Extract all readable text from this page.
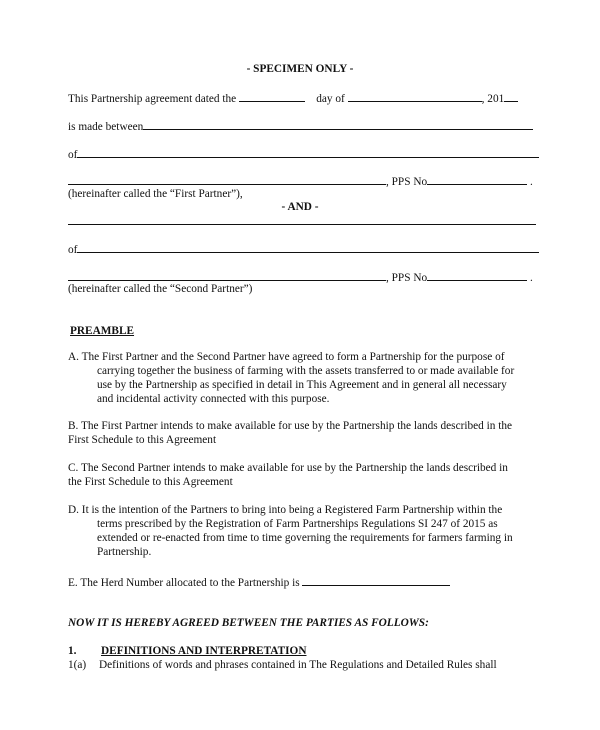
- SPECIMEN ONLY -
This Partnership agreement dated the	day of	, 201
is made between
of
, PPS No	.
(hereinafter called the “First Partner”),
- AND -
of
, PPS No	.
(hereinafter called the “Second Partner”)
PREAMBLE
A. The First Partner and the Second Partner have agreed to form a Partnership for the purpose of
carrying together the business of farming with the assets transferred to or made available for
use by the Partnership as specified in detail in This Agreement and in general all necessary
and incidental activity connected with this purpose.
B. The First Partner intends to make available for use by the Partnership the lands described in the
First Schedule to this Agreement
C. The Second Partner intends to make available for use by the Partnership the lands described in
the First Schedule to this Agreement
D. It is the intention of the Partners to bring into being a Registered Farm Partnership within the
terms prescribed by the Registration of Farm Partnerships Regulations SI 247 of 2015 as
extended or re-enacted from time to time governing the requirements for farmers farming in
Partnership.
E. The Herd Number allocated to the Partnership is
NOW IT IS HEREBY AGREED BETWEEN THE PARTIES AS FOLLOWS:
1. DEFINITIONS AND INTERPRETATION
1(a) Definitions of words and phrases contained in The Regulations and Detailed Rules shall
